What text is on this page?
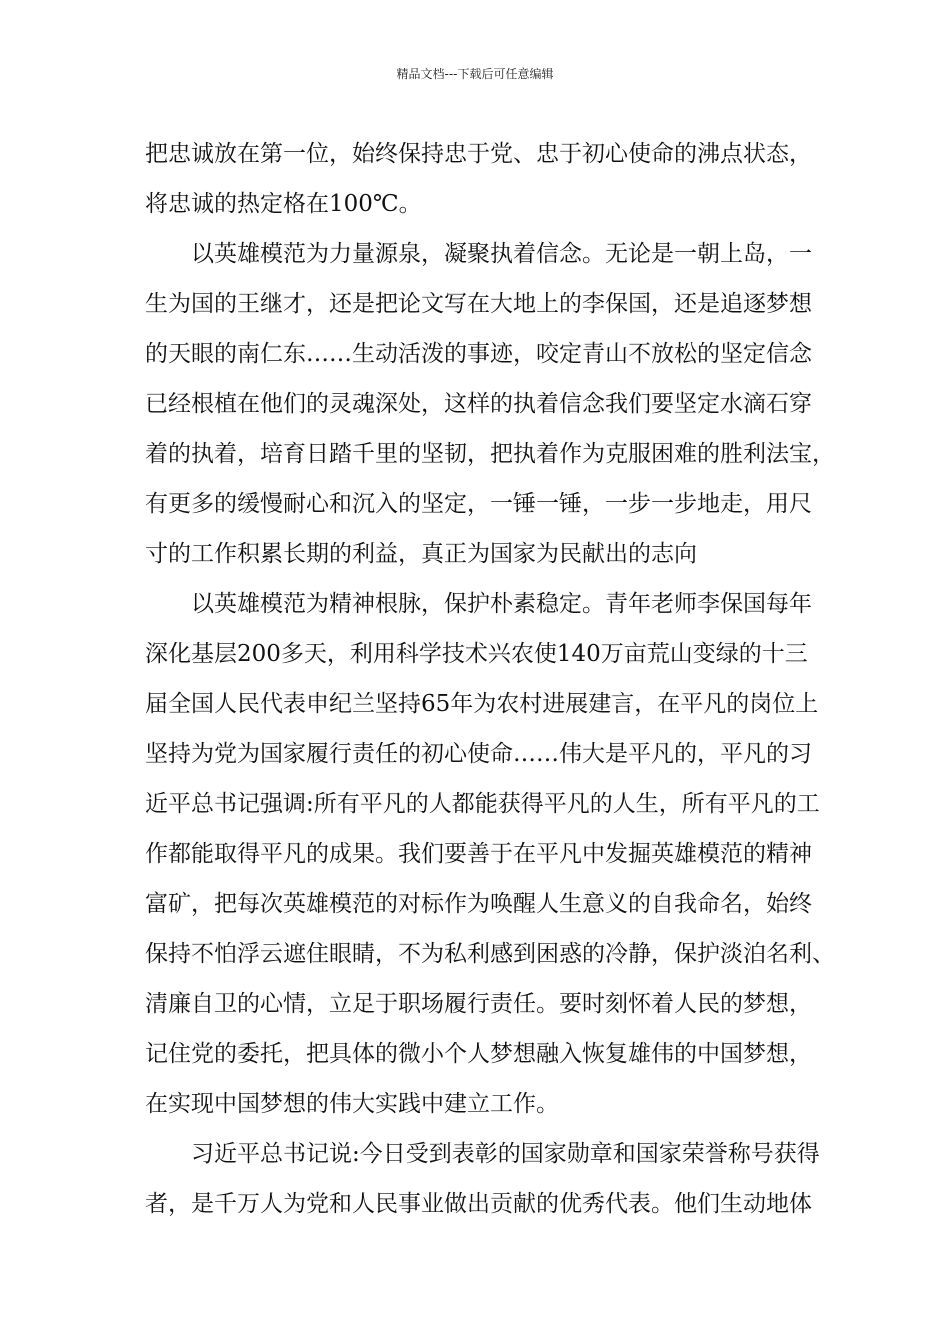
精品文档---下载后可任意编辑
把忠诚放在第一位，始终保持忠于党、忠于初心使命的沸点状态，
将忠诚的热定格在100℃。
以英雄模范为力量源泉，凝聚执着信念。无论是一朝上岛，一
生为国的王继才，还是把论文写在大地上的李保国，还是追逐梦想
的天眼的南仁东……生动活泼的事迹，咬定青山不放松的坚定信念
已经根植在他们的灵魂深处，这样的执着信念我们要坚定水滴石穿
着的执着，培育日踏千里的坚韧，把执着作为克服困难的胜利法宝，
有更多的缓慢耐心和沉入的坚定，一锤一锤，一步一步地走，用尺
寸的工作积累长期的利益，真正为国家为民献出的志向
以英雄模范为精神根脉，保护朴素稳定。青年老师李保国每年
深化基层200多天，利用科学技术兴农使140万亩荒山变绿的十三
届全国人民代表申纪兰坚持65年为农村进展建言，在平凡的岗位上
坚持为党为国家履行责任的初心使命……伟大是平凡的，平凡的习
近平总书记强调:所有平凡的人都能获得平凡的人生，所有平凡的工
作都能取得平凡的成果。我们要善于在平凡中发掘英雄模范的精神
富矿，把每次英雄模范的对标作为唤醒人生意义的自我命名，始终
保持不怕浮云遮住眼睛，不为私利感到困惑的冷静，保护淡泊名利、
清廉自卫的心情，立足于职场履行责任。要时刻怀着人民的梦想，
记住党的委托，把具体的微小个人梦想融入恢复雄伟的中国梦想，
在实现中国梦想的伟大实践中建立工作。
习近平总书记说:今日受到表彰的国家勋章和国家荣誉称号获得
者，是千万人为党和人民事业做出贡献的优秀代表。他们生动地体
